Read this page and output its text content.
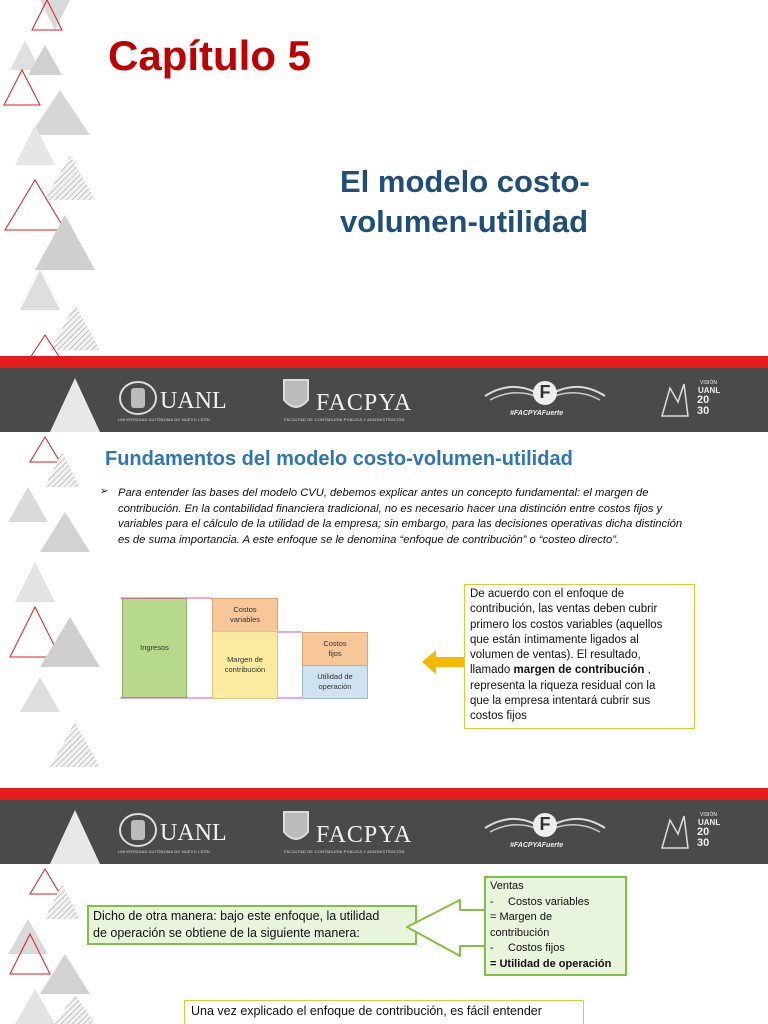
Capítulo 5
El modelo costo-
volumen-utilidad
UANL
UNIVERSIDAD AUTÓNOMA DE NUEVO LEÓN
FACPYA
FACULTAD DE CONTADURÍA PÚBLICA Y ADMINISTRACIÓN
F
#FACPYAFuerte
VISIÓN
UANL
20
30
Fundamentos del modelo costo-volumen-utilidad
➢ Para entender las bases del modelo CVU, debemos explicar antes un concepto fundamental: el margen de
contribución. En la contabilidad financiera tradicional, no es necesario hacer una distinción entre costos fijos y
variables para el cálculo de la utilidad de la empresa; sin embargo, para las decisiones operativas dicha distinción
es de suma importancia. A este enfoque se le denomina “enfoque de contribución” o “costeo directo”.
Ingresos
Costos
variables
Margen de
contribución
Costos
fijos
Utilidad de
operación
De acuerdo con el enfoque de
contribución, las ventas deben cubrir
primero los costos variables (aquellos
que están íntimamente ligados al
volumen de ventas). El resultado,
llamado margen de contribución ,
representa la riqueza residual con la
que la empresa intentará cubrir sus
costos fijos
UANL
UNIVERSIDAD AUTÓNOMA DE NUEVO LEÓN
FACPYA
FACULTAD DE CONTADURÍA PÚBLICA Y ADMINISTRACIÓN
F
#FACPYAFuerte
VISIÓN
UANL
20
30
Dicho de otra manera: bajo este enfoque, la utilidad
de operación se obtiene de la siguiente manera:
Ventas
-	Costos variables
= Margen de
contribución
-	Costos fijos
= Utilidad de operación
Una vez explicado el enfoque de contribución, es fácil entender
